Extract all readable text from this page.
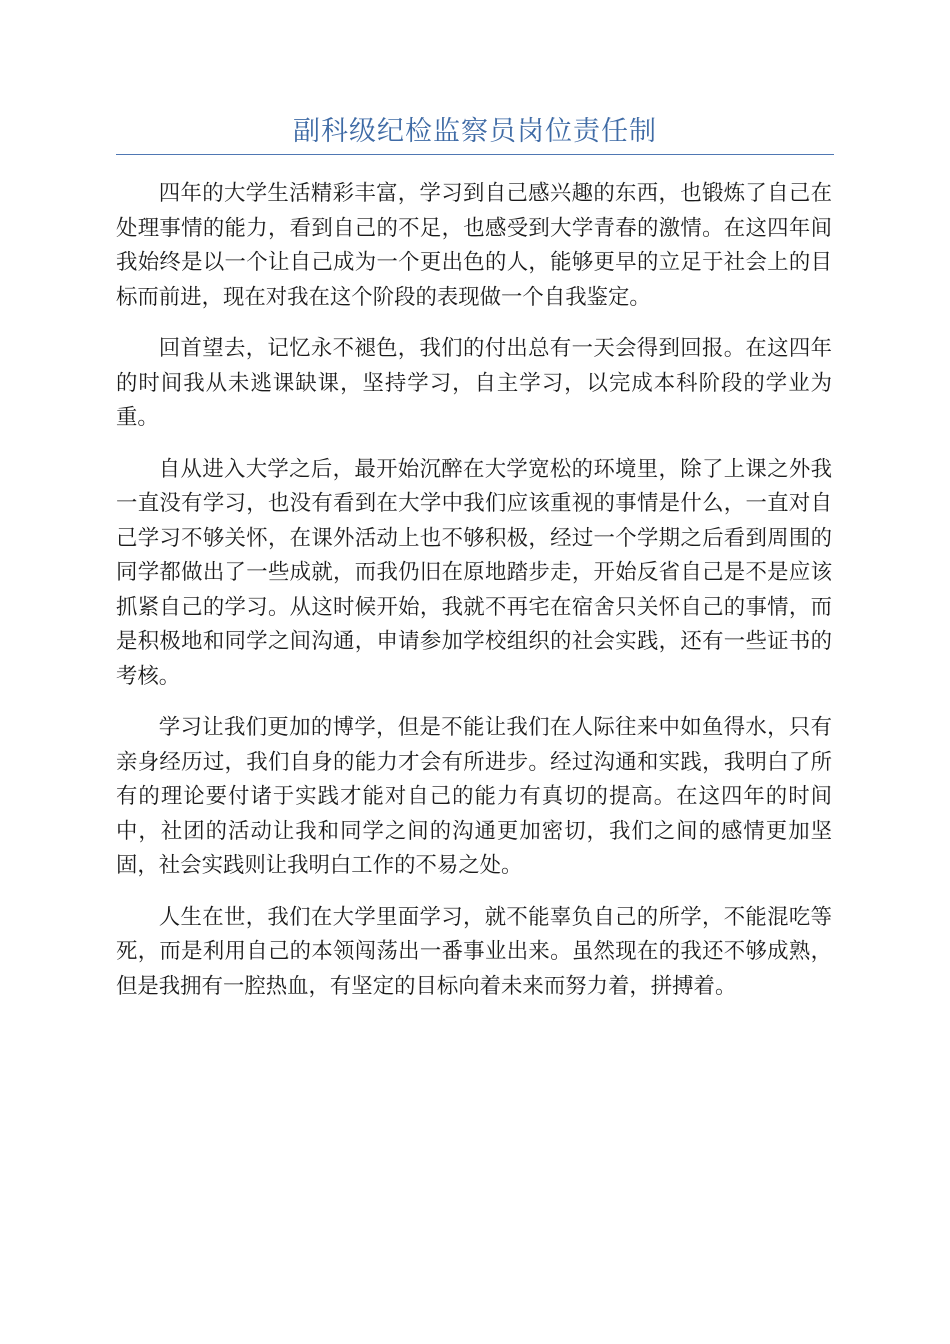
副科级纪检监察员岗位责任制

四年的大学生活精彩丰富，学习到自己感兴趣的东西，也锻炼了自己在处理事情的能力，看到自己的不足，也感受到大学青春的激情。在这四年间我始终是以一个让自己成为一个更出色的人，能够更早的立足于社会上的目标而前进，现在对我在这个阶段的表现做一个自我鉴定。

回首望去，记忆永不褪色，我们的付出总有一天会得到回报。在这四年的时间我从未逃课缺课，坚持学习，自主学习，以完成本科阶段的学业为重。

自从进入大学之后，最开始沉醉在大学宽松的环境里，除了上课之外我一直没有学习，也没有看到在大学中我们应该重视的事情是什么，一直对自己学习不够关怀，在课外活动上也不够积极，经过一个学期之后看到周围的同学都做出了一些成就，而我仍旧在原地踏步走，开始反省自己是不是应该抓紧自己的学习。从这时候开始，我就不再宅在宿舍只关怀自己的事情，而是积极地和同学之间沟通，申请参加学校组织的社会实践，还有一些证书的考核。

学习让我们更加的博学，但是不能让我们在人际往来中如鱼得水，只有亲身经历过，我们自身的能力才会有所进步。经过沟通和实践，我明白了所有的理论要付诸于实践才能对自己的能力有真切的提高。在这四年的时间中，社团的活动让我和同学之间的沟通更加密切，我们之间的感情更加坚固，社会实践则让我明白工作的不易之处。

人生在世，我们在大学里面学习，就不能辜负自己的所学，不能混吃等死，而是利用自己的本领闯荡出一番事业出来。虽然现在的我还不够成熟，但是我拥有一腔热血，有坚定的目标向着未来而努力着，拼搏着。
